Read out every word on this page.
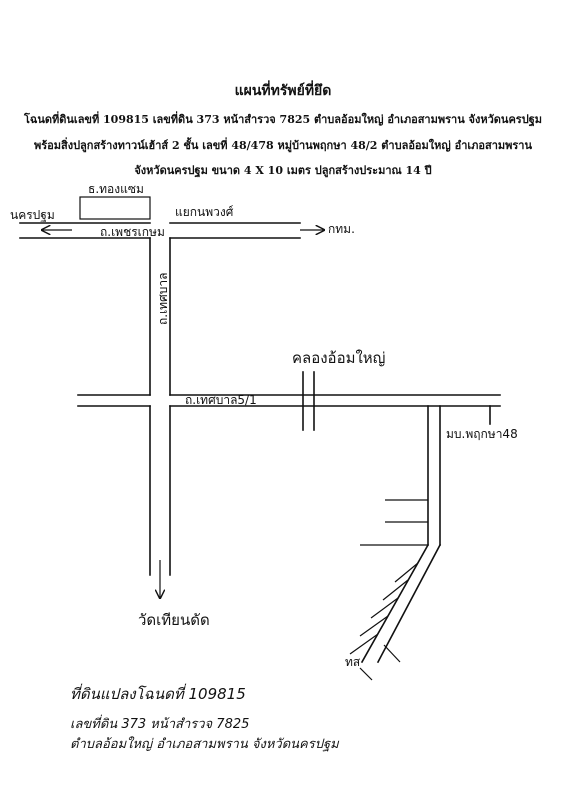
แผนที่ทรัพย์ที่ยึด
โฉนดที่ดินเลขที่ 109815 เลขที่ดิน 373 หน้าสำรวจ 7825 ตำบลอ้อมใหญ่ อำเภอสามพราน จังหวัดนครปฐม
พร้อมสิ่งปลูกสร้างทาวน์เฮ้าส์ 2 ชั้น เลขที่ 48/478 หมู่บ้านพฤกษา 48/2 ตำบลอ้อมใหญ่ อำเภอสามพราน
จังหวัดนครปฐม ขนาด 4 X 10 เมตร ปลูกสร้างประมาณ 14 ปี
ธ.ทองแซม
ถ.เพชรเกษม
แยกนพวงศ์
นครปฐม
กทม.
ถ.เทศบาล
วัดเทียนดัด
ถ.เทศบาล5/1
คลองอ้อมใหญ่
มบ.พฤกษา48
ทส
ที่ดินแปลงโฉนดที่ 109815
เลขที่ดิน 373 หน้าสำรวจ 7825
ตำบลอ้อมใหญ่ อำเภอสามพราน จังหวัดนครปฐม
